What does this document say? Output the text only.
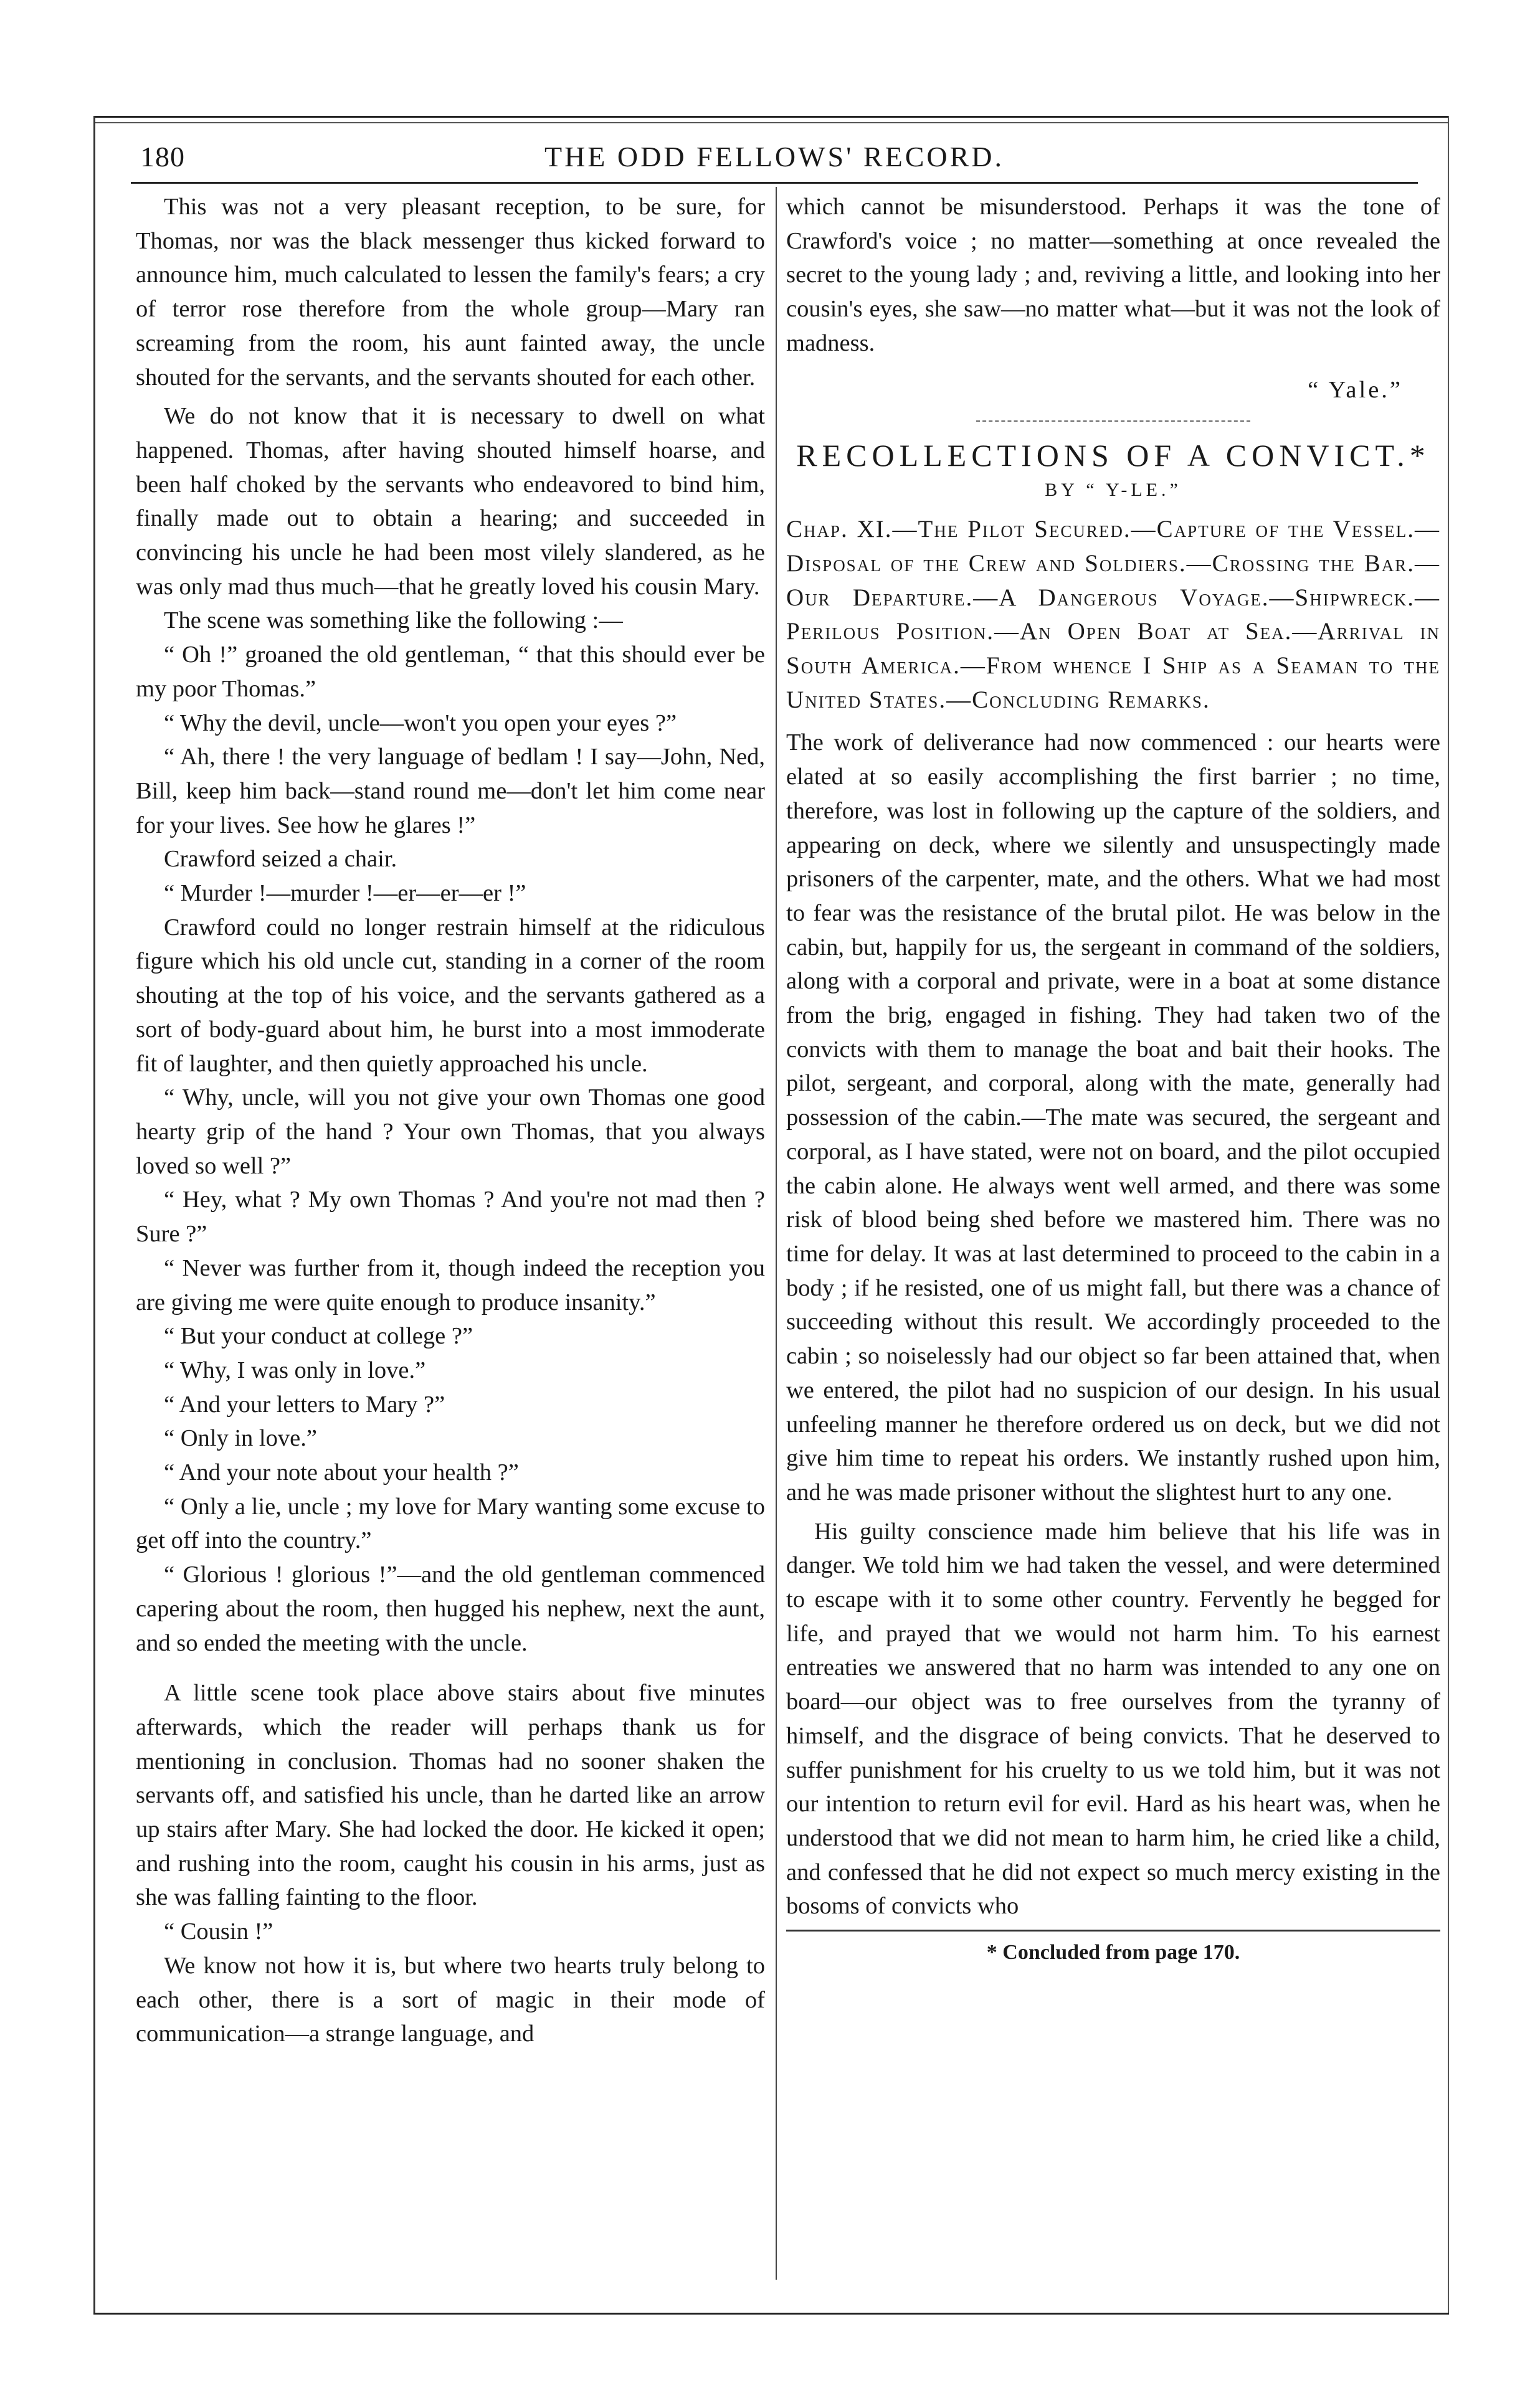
180	THE ODD FELLOWS' RECORD.

This was not a very pleasant reception, to be sure, for Thomas, nor was the black messenger thus kicked forward to announce him, much calculated to lessen the family's fears; a cry of terror rose therefore from the whole group—Mary ran screaming from the room, his aunt fainted away, the uncle shouted for the servants, and the servants shouted for each other.

We do not know that it is necessary to dwell on what happened. Thomas, after having shouted himself hoarse, and been half choked by the servants who endeavored to bind him, finally made out to obtain a hearing; and succeeded in convincing his uncle he had been most vilely slandered, as he was only mad thus much—that he greatly loved his cousin Mary.

The scene was something like the following :—

“ Oh !” groaned the old gentleman, “ that this should ever be my poor Thomas.”

“ Why the devil, uncle—won't you open your eyes ?”

“ Ah, there ! the very language of bedlam ! I say—John, Ned, Bill, keep him back—stand round me—don't let him come near for your lives. See how he glares !”

Crawford seized a chair.

“ Murder !—murder !—er—er—er !”

Crawford could no longer restrain himself at the ridiculous figure which his old uncle cut, standing in a corner of the room shouting at the top of his voice, and the servants gathered as a sort of body-guard about him, he burst into a most immoderate fit of laughter, and then quietly approached his uncle.

“ Why, uncle, will you not give your own Thomas one good hearty grip of the hand ? Your own Thomas, that you always loved so well ?”

“ Hey, what ? My own Thomas ? And you're not mad then ? Sure ?”

“ Never was further from it, though indeed the reception you are giving me were quite enough to produce insanity.”

“ But your conduct at college ?”

“ Why, I was only in love.”

“ And your letters to Mary ?”

“ Only in love.”

“ And your note about your health ?”

“ Only a lie, uncle ; my love for Mary wanting some excuse to get off into the country.”

“ Glorious ! glorious !”—and the old gentleman commenced capering about the room, then hugged his nephew, next the aunt, and so ended the meeting with the uncle.

A little scene took place above stairs about five minutes afterwards, which the reader will perhaps thank us for mentioning in conclusion. Thomas had no sooner shaken the servants off, and satisfied his uncle, than he darted like an arrow up stairs after Mary. She had locked the door. He kicked it open; and rushing into the room, caught his cousin in his arms, just as she was falling fainting to the floor.

“ Cousin !”

We know not how it is, but where two hearts truly belong to each other, there is a sort of magic in their mode of communication—a strange language, and

which cannot be misunderstood. Perhaps it was the tone of Crawford's voice ; no matter—something at once revealed the secret to the young lady ; and, reviving a little, and looking into her cousin's eyes, she saw—no matter what—but it was not the look of madness.

“ Yale.”

RECOLLECTIONS OF A CONVICT.*
BY “ Y-LE.”
Chap. XI.—The Pilot Secured.—Capture of the Vessel.—Disposal of the Crew and Soldiers.—Crossing the Bar.—Our Departure.—A Dangerous Voyage.—Shipwreck.—Perilous Position.—An Open Boat at Sea.—Arrival in South America.—From whence I Ship as a Seaman to the United States.—Concluding Remarks.

The work of deliverance had now commenced : our hearts were elated at so easily accomplishing the first barrier ; no time, therefore, was lost in following up the capture of the soldiers, and appearing on deck, where we silently and unsuspectingly made prisoners of the carpenter, mate, and the others. What we had most to fear was the resistance of the brutal pilot. He was below in the cabin, but, happily for us, the sergeant in command of the soldiers, along with a corporal and private, were in a boat at some distance from the brig, engaged in fishing. They had taken two of the convicts with them to manage the boat and bait their hooks. The pilot, sergeant, and corporal, along with the mate, generally had possession of the cabin.—The mate was secured, the sergeant and corporal, as I have stated, were not on board, and the pilot occupied the cabin alone. He always went well armed, and there was some risk of blood being shed before we mastered him. There was no time for delay. It was at last determined to proceed to the cabin in a body ; if he resisted, one of us might fall, but there was a chance of succeeding without this result. We accordingly proceeded to the cabin ; so noiselessly had our object so far been attained that, when we entered, the pilot had no suspicion of our design. In his usual unfeeling manner he therefore ordered us on deck, but we did not give him time to repeat his orders. We instantly rushed upon him, and he was made prisoner without the slightest hurt to any one.

His guilty conscience made him believe that his life was in danger. We told him we had taken the vessel, and were determined to escape with it to some other country. Fervently he begged for life, and prayed that we would not harm him. To his earnest entreaties we answered that no harm was intended to any one on board—our object was to free ourselves from the tyranny of himself, and the disgrace of being convicts. That he deserved to suffer punishment for his cruelty to us we told him, but it was not our intention to return evil for evil. Hard as his heart was, when he understood that we did not mean to harm him, he cried like a child, and confessed that he did not expect so much mercy existing in the bosoms of convicts who

* Concluded from page 170.
